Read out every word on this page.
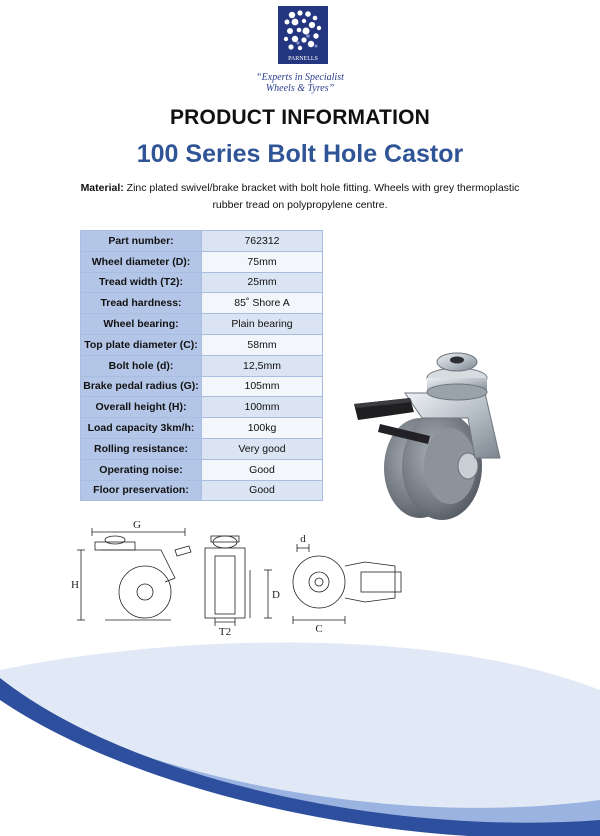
PARNELLS
“Experts in Specialist
Wheels & Tyres”
PRODUCT INFORMATION
100 Series Bolt Hole Castor
Material: Zinc plated swivel/brake bracket with bolt hole fitting. Wheels with grey thermoplastic rubber tread on polypropylene centre.
Part number:	762312
Wheel diameter (D):	75mm
Tread width (T2):	25mm
Tread hardness:	85˚ Shore A
Wheel bearing:	Plain bearing
Top plate diameter (C):	58mm
Bolt hole (d):	12,5mm
Brake pedal radius (G):	105mm
Overall height (H):	100mm
Load capacity 3km/h:	100kg
Rolling resistance:	Very good
Operating noise:	Good
Floor preservation:	Good
G
H
D
T2
d
C
